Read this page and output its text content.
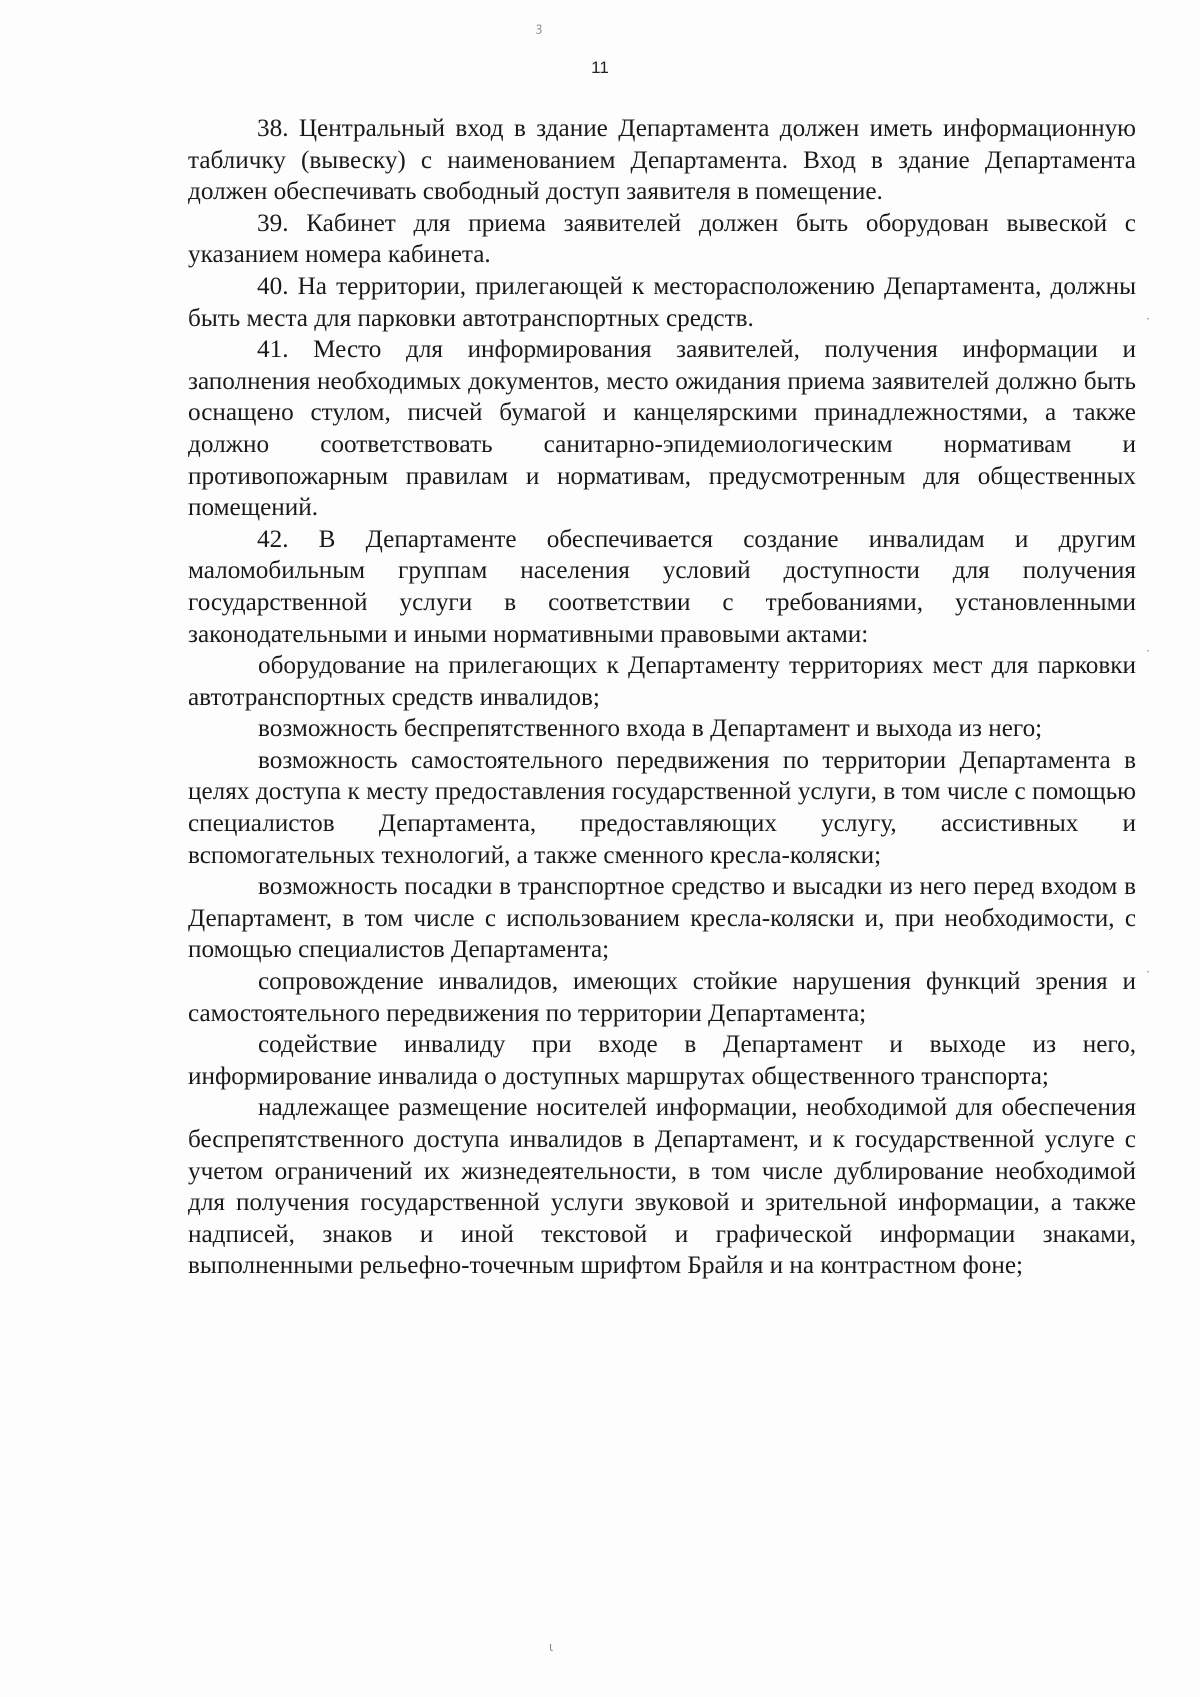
11

38. Центральный вход в здание Департамента должен иметь информационную табличку (вывеску) с наименованием Департамента. Вход в здание Департамента должен обеспечивать свободный доступ заявителя в помещение.

39. Кабинет для приема заявителей должен быть оборудован вывеской с указанием номера кабинета.

40. На территории, прилегающей к месторасположению Департамента, должны быть места для парковки автотранспортных средств.

41. Место для информирования заявителей, получения информации и заполнения необходимых документов, место ожидания приема заявителей должно быть оснащено стулом, писчей бумагой и канцелярскими принадлежностями, а также должно соответствовать санитарно-эпидемиологическим нормативам и противопожарным правилам и нормативам, предусмотренным для общественных помещений.

42. В Департаменте обеспечивается создание инвалидам и другим маломобильным группам населения условий доступности для получения государственной услуги в соответствии с требованиями, установленными законодательными и иными нормативными правовыми актами:

оборудование на прилегающих к Департаменту территориях мест для парковки автотранспортных средств инвалидов;

возможность беспрепятственного входа в Департамент и выхода из него;

возможность самостоятельного передвижения по территории Департамента в целях доступа к месту предоставления государственной услуги, в том числе с помощью специалистов Департамента, предоставляющих услугу, ассистивных и вспомогательных технологий, а также сменного кресла-коляски;

возможность посадки в транспортное средство и высадки из него перед входом в Департамент, в том числе с использованием кресла-коляски и, при необходимости, с помощью специалистов Департамента;

сопровождение инвалидов, имеющих стойкие нарушения функций зрения и самостоятельного передвижения по территории Департамента;

содействие инвалиду при входе в Департамент и выходе из него, информирование инвалида о доступных маршрутах общественного транспорта;

надлежащее размещение носителей информации, необходимой для обеспечения беспрепятственного доступа инвалидов в Департамент, и к государственной услуге с учетом ограничений их жизнедеятельности, в том числе дублирование необходимой для получения государственной услуги звуковой и зрительной информации, а также надписей, знаков и иной текстовой и графической информации знаками, выполненными рельефно-точечным шрифтом Брайля и на контрастном фоне;

ꝫ
·
·
·
ι
